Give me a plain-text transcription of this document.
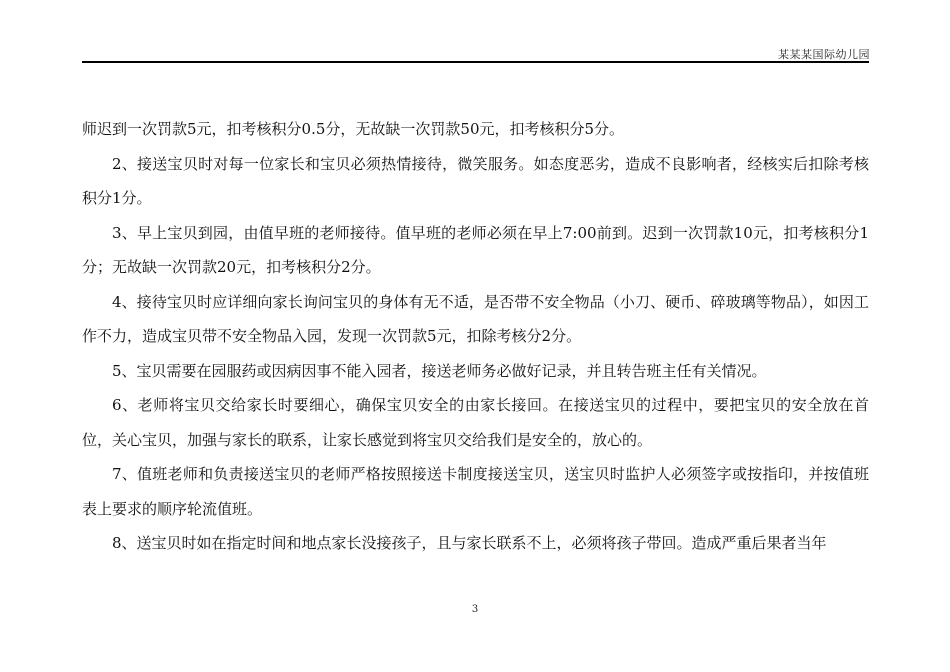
某某某国际幼儿园

师迟到一次罚款5元，扣考核积分0.5分，无故缺一次罚款50元，扣考核积分5分。

2、接送宝贝时对每一位家长和宝贝必须热情接待，微笑服务。如态度恶劣，造成不良影响者，经核实后扣除考核积分1分。

3、早上宝贝到园，由值早班的老师接待。值早班的老师必须在早上7:00前到。迟到一次罚款10元，扣考核积分1分；无故缺一次罚款20元，扣考核积分2分。

4、接待宝贝时应详细向家长询问宝贝的身体有无不适，是否带不安全物品（小刀、硬币、碎玻璃等物品），如因工作不力，造成宝贝带不安全物品入园，发现一次罚款5元，扣除考核分2分。

5、宝贝需要在园服药或因病因事不能入园者，接送老师务必做好记录，并且转告班主任有关情况。

6、老师将宝贝交给家长时要细心，确保宝贝安全的由家长接回。在接送宝贝的过程中，要把宝贝的安全放在首位，关心宝贝，加强与家长的联系，让家长感觉到将宝贝交给我们是安全的，放心的。

7、值班老师和负责接送宝贝的老师严格按照接送卡制度接送宝贝，送宝贝时监护人必须签字或按指印，并按值班表上要求的顺序轮流值班。

8、送宝贝时如在指定时间和地点家长没接孩子，且与家长联系不上，必须将孩子带回。造成严重后果者当年

3
